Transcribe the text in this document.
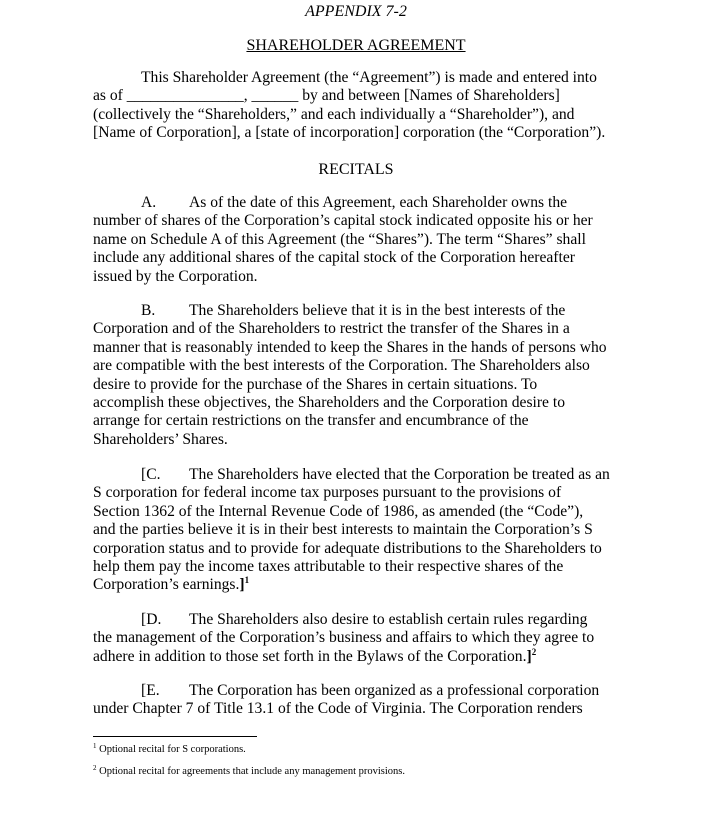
APPENDIX 7-2
SHAREHOLDER AGREEMENT
This Shareholder Agreement (the “Agreement”) is made and entered into
as of _______________, ______ by and between [Names of Shareholders]
(collectively the “Shareholders,” and each individually a “Shareholder”), and
[Name of Corporation], a [state of incorporation] corporation (the “Corporation”).
RECITALS
A. As of the date of this Agreement, each Shareholder owns the
number of shares of the Corporation’s capital stock indicated opposite his or her
name on Schedule A of this Agreement (the “Shares”). The term “Shares” shall
include any additional shares of the capital stock of the Corporation hereafter
issued by the Corporation.
B. The Shareholders believe that it is in the best interests of the
Corporation and of the Shareholders to restrict the transfer of the Shares in a
manner that is reasonably intended to keep the Shares in the hands of persons who
are compatible with the best interests of the Corporation. The Shareholders also
desire to provide for the purchase of the Shares in certain situations. To
accomplish these objectives, the Shareholders and the Corporation desire to
arrange for certain restrictions on the transfer and encumbrance of the
Shareholders’ Shares.
[C. The Shareholders have elected that the Corporation be treated as an
S corporation for federal income tax purposes pursuant to the provisions of
Section 1362 of the Internal Revenue Code of 1986, as amended (the “Code”),
and the parties believe it is in their best interests to maintain the Corporation’s S
corporation status and to provide for adequate distributions to the Shareholders to
help them pay the income taxes attributable to their respective shares of the
Corporation’s earnings.]$^1$
[D. The Shareholders also desire to establish certain rules regarding
the management of the Corporation’s business and affairs to which they agree to
adhere in addition to those set forth in the Bylaws of the Corporation.]$^2$
[E. The Corporation has been organized as a professional corporation
under Chapter 7 of Title 13.1 of the Code of Virginia. The Corporation renders
$^1$ Optional recital for S corporations.
$^2$ Optional recital for agreements that include any management provisions.
